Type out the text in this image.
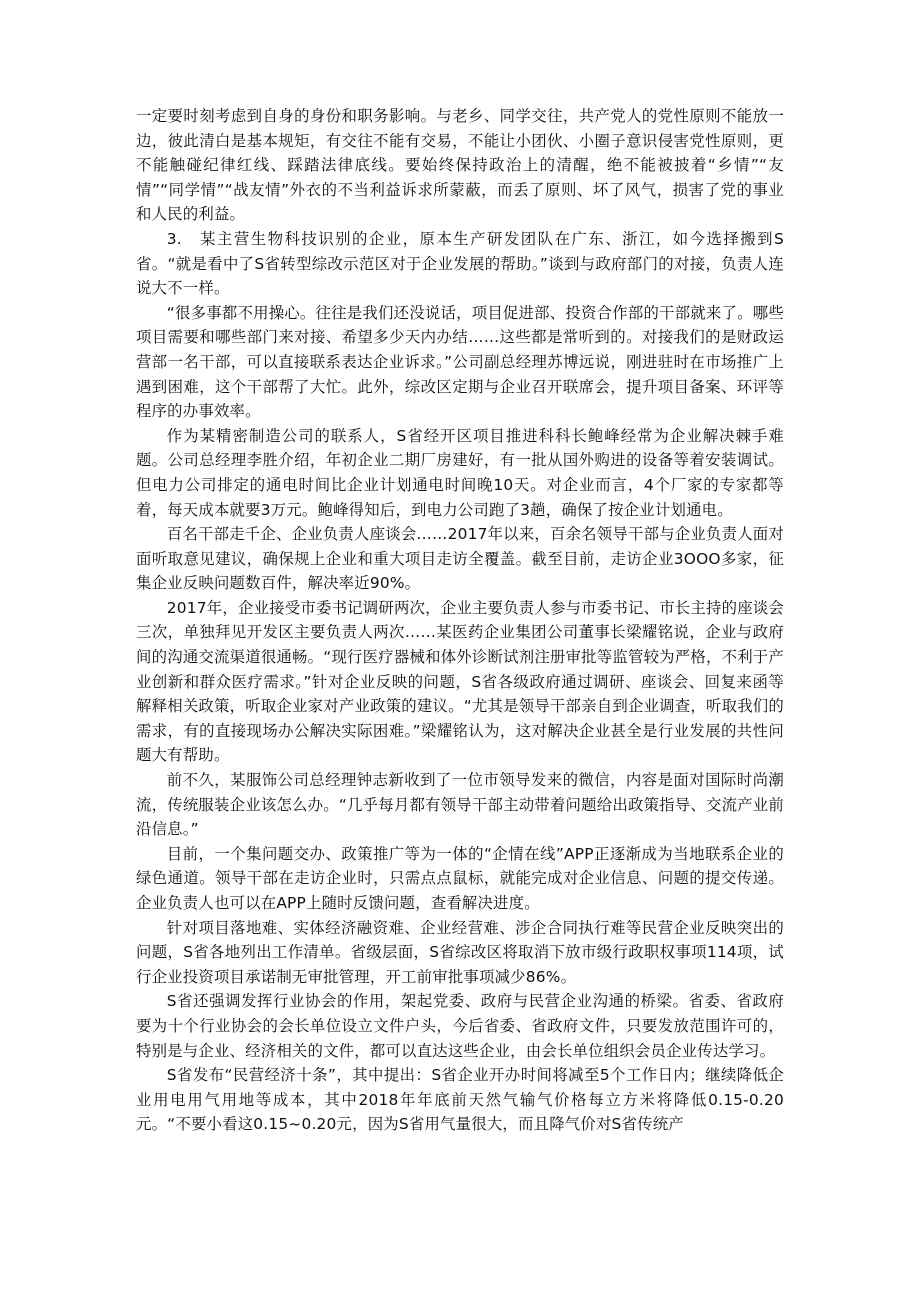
一定要时刻考虑到自身的身份和职务影响。与老乡、同学交往，共产党人的党性原则不能放一边，彼此清白是基本规矩，有交往不能有交易，不能让小团伙、小圈子意识侵害党性原则，更不能触碰纪律红线、踩踏法律底线。要始终保持政治上的清醒，绝不能被披着“乡情”“友情”“同学情”“战友情”外衣的不当利益诉求所蒙蔽，而丢了原则、坏了风气，损害了党的事业和人民的利益。

3.　某主营生物科技识别的企业，原本生产研发团队在广东、浙江，如今选择搬到S省。“就是看中了S省转型综改示范区对于企业发展的帮助。”谈到与政府部门的对接，负责人连说大不一样。

“很多事都不用操心。往往是我们还没说话，项目促进部、投资合作部的干部就来了。哪些项目需要和哪些部门来对接、希望多少天内办结……这些都是常听到的。对接我们的是财政运营部一名干部，可以直接联系表达企业诉求。”公司副总经理苏博远说，刚进驻时在市场推广上遇到困难，这个干部帮了大忙。此外，综改区定期与企业召开联席会，提升项目备案、环评等程序的办事效率。

作为某精密制造公司的联系人，S省经开区项目推进科科长鲍峰经常为企业解决棘手难题。公司总经理李胜介绍，年初企业二期厂房建好，有一批从国外购进的设备等着安装调试。但电力公司排定的通电时间比企业计划通电时间晚10天。对企业而言，4个厂家的专家都等着，每天成本就要3万元。鲍峰得知后，到电力公司跑了3趟，确保了按企业计划通电。

百名干部走千企、企业负责人座谈会……2017年以来，百余名领导干部与企业负责人面对面听取意见建议，确保规上企业和重大项目走访全覆盖。截至目前，走访企业3OOO多家，征集企业反映问题数百件，解决率近90%。

2017年，企业接受市委书记调研两次，企业主要负责人参与市委书记、市长主持的座谈会三次，单独拜见开发区主要负责人两次……某医药企业集团公司董事长梁耀铭说，企业与政府间的沟通交流渠道很通畅。“现行医疗器械和体外诊断试剂注册审批等监管较为严格，不利于产业创新和群众医疗需求。”针对企业反映的问题，S省各级政府通过调研、座谈会、回复来函等解释相关政策，听取企业家对产业政策的建议。“尤其是领导干部亲自到企业调查，听取我们的需求，有的直接现场办公解决实际困难。”梁耀铭认为，这对解决企业甚全是行业发展的共性问题大有帮助。

前不久，某服饰公司总经理钟志新收到了一位市领导发来的微信，内容是面对国际时尚潮流，传统服装企业该怎么办。“几乎每月都有领导干部主动带着问题给出政策指导、交流产业前沿信息。”

目前，一个集问题交办、政策推广等为一体的“企情在线”APP正逐渐成为当地联系企业的绿色通道。领导干部在走访企业时，只需点点鼠标，就能完成对企业信息、问题的提交传递。企业负责人也可以在APP上随时反馈问题，查看解决进度。

针对项目落地难、实体经济融资难、企业经营难、涉企合同执行难等民营企业反映突出的问题，S省各地列出工作清单。省级层面，S省综改区将取消下放市级行政职权事项114项，试行企业投资项目承诺制无审批管理，开工前审批事项减少86%。

S省还强调发挥行业协会的作用，架起党委、政府与民营企业沟通的桥梁。省委、省政府要为十个行业协会的会长单位设立文件户头，今后省委、省政府文件，只要发放范围许可的，特别是与企业、经济相关的文件，都可以直达这些企业，由会长单位组织会员企业传达学习。

S省发布“民营经济十条”，其中提出：S省企业开办时间将减至5个工作日内；继续降低企业用电用气用地等成本，其中2018年年底前天然气输气价格每立方米将降低0.15-0.20元。“不要小看这0.15~0.20元，因为S省用气量很大，而且降气价对S省传统产
